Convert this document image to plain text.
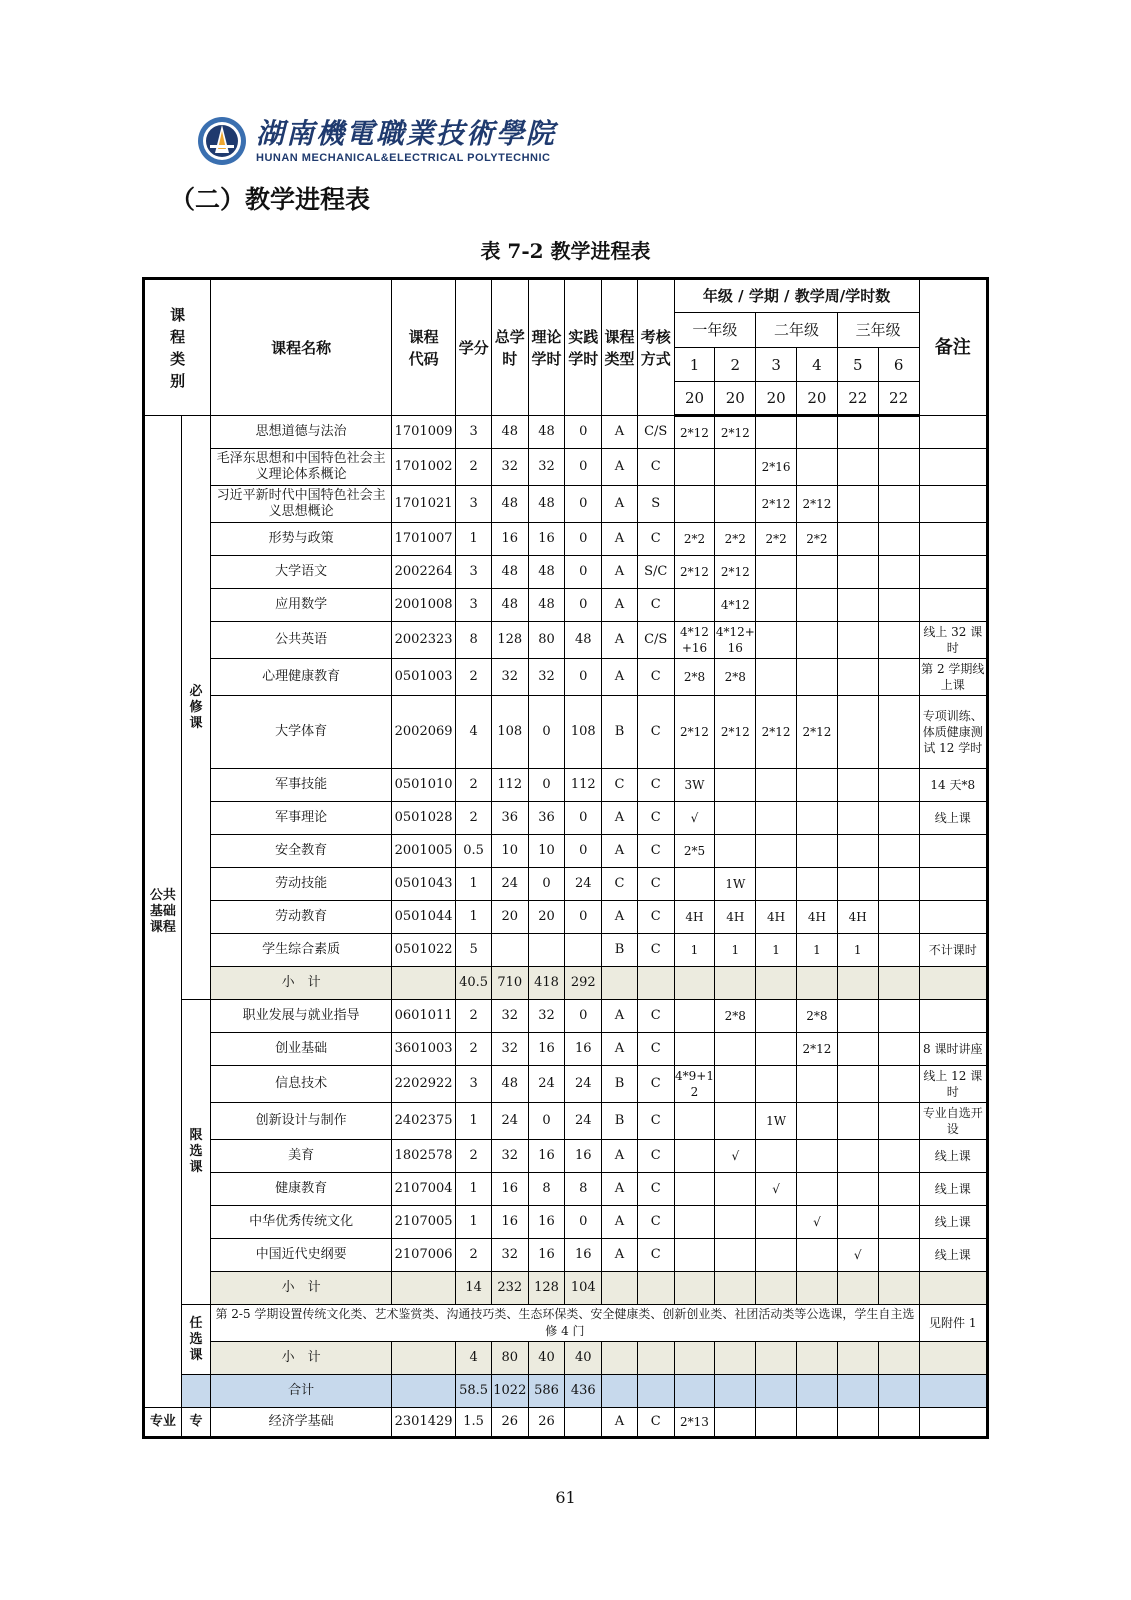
湖南機電職業技術學院
HUNAN MECHANICAL&ELECTRICAL POLYTECHNIC
（二）教学进程表
表 7-2 教学进程表
课程类别		课程名称	课程代码	学分	总学时	理论学时	实践学时	课程类型	考核方式	年级 / 学期 / 教学周/学时数						备注
										一年级		二年级		三年级		
										1	2	3	4	5	6	
										20	20	20	20	22	22	
公共基础课程	必修课	思想道德与法治	1701009	3	48	48	0	A	C/S	2*12	2*12					
		毛泽东思想和中国特色社会主义理论体系概论	1701002	2	32	32	0	A	C			2*16				
		习近平新时代中国特色社会主义思想概论	1701021	3	48	48	0	A	S			2*12	2*12			
		形势与政策	1701007	1	16	16	0	A	C	2*2	2*2	2*2	2*2			
		大学语文	2002264	3	48	48	0	A	S/C	2*12	2*12					
		应用数学	2001008	3	48	48	0	A	C		4*12					
		公共英语	2002323	8	128	80	48	A	C/S	4*12 +16	4*12+ 16					线上 32 课时
		心理健康教育	0501003	2	32	32	0	A	C	2*8	2*8					第 2 学期线上课
		大学体育	2002069	4	108	0	108	B	C	2*12	2*12	2*12	2*12			专项训练、体质健康测试 12 学时
		军事技能	0501010	2	112	0	112	C	C	3W						14 天*8
		军事理论	0501028	2	36	36	0	A	C	√						线上课
		安全教育	2001005	0.5	10	10	0	A	C	2*5						
		劳动技能	0501043	1	24	0	24	C	C		1W					
		劳动教育	0501044	1	20	20	0	A	C	4H	4H	4H	4H	4H		
		学生综合素质	0501022	5				B	C	1	1	1	1	1		不计课时
		小　计		40.5	710	418	292									
	限选课	职业发展与就业指导	0601011	2	32	32	0	A	C		2*8		2*8			
		创业基础	3601003	2	32	16	16	A	C				2*12			8 课时讲座
		信息技术	2202922	3	48	24	24	B	C	4*9+1 2						线上 12 课时
		创新设计与制作	2402375	1	24	0	24	B	C			1W				专业自选开设
		美育	1802578	2	32	16	16	A	C		√					线上课
		健康教育	2107004	1	16	8	8	A	C			√				线上课
		中华优秀传统文化	2107005	1	16	16	0	A	C				√			线上课
		中国近代史纲要	2107006	2	32	16	16	A	C					√		线上课
		小　计		14	232	128	104									
	任选课	第 2-5 学期设置传统文化类、艺术鉴赏类、沟通技巧类、生态环保类、安全健康类、创新创业类、社团活动类等公选课，学生自主选修 4 门														见附件 1
		小　计		4	80	40	40									
		合计		58.5	1022	586	436									
专业	专	经济学基础	2301429	1.5	26	26		A	C	2*13						
61
